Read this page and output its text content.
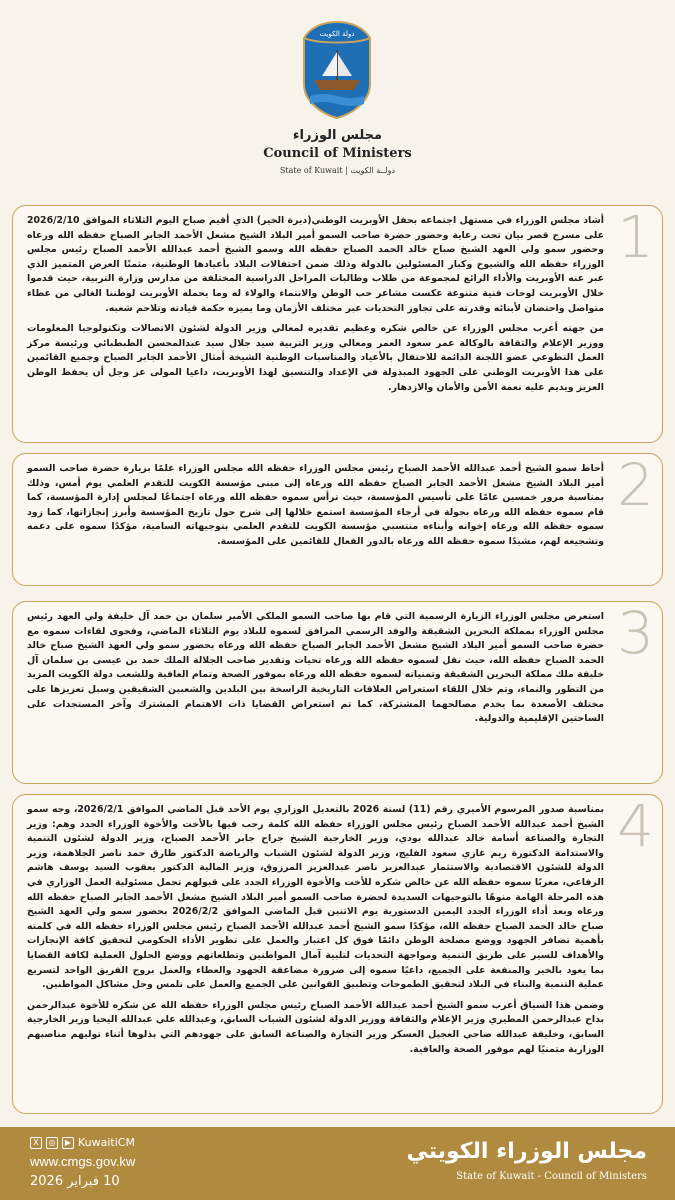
دولة الكويت
مجلس الوزراء
Council of Ministers
State of Kuwait | دولــة الكويت
1

أشاد مجلس الوزراء في مستهل اجتماعه بحفل الأوبريت الوطني(ديرة الخير) الذي أقيم صباح اليوم الثلاثاء الموافق 2026/2/10 على مسرح قصر بيان تحت رعاية وحضور حضرة صاحب السمو أمير البلاد الشيخ مشعل الأحمد الجابر الصباح حفظه الله ورعاه وحضور سمو ولي العهد الشيخ صباح خالد الحمد الصباح حفظه الله وسمو الشيخ أحمد عبدالله الأحمد الصباح رئيس مجلس الوزراء حفظه الله والشيوخ وكبار المسئولين بالدولة وذلك ضمن احتفالات البلاد بأعيادها الوطنية، مثمنًا العرض المتميز الذي عبر عنه الأوبريت والأداء الرائع لمجموعة من طلاب وطالبات المراحل الدراسية المختلفة من مدارس وزارة التربية، حيث قدموا خلال الأوبريت لوحات فنية متنوعة عكست مشاعر حب الوطن والانتماء والولاء له وما يحمله الأوبريت لوطننا الغالي من عطاء متواصل واحتضان لأبنائه وقدرته على تجاوز التحديات عبر مختلف الأزمان وما يميزه حكمة قيادته وتلاحم شعبه.

من جهته أعرب مجلس الوزراء عن خالص شكره وعظيم تقديره لمعالي وزير الدولة لشئون الاتصالات وتكنولوجيا المعلومات ووزير الإعلام والثقافة بالوكالة عمر سعود العمر ومعالي وزير التربية سيد جلال سيد عبدالمحسن الطبطبائي ورئيسة مركز العمل التطوعي عضو اللجنة الدائمة للاحتفال بالأعياد والمناسبات الوطنية الشيخة أمثال الأحمد الجابر الصباح وجميع القائمين على هذا الأوبريت الوطني على الجهود المبذولة في الإعداد والتنسيق لهذا الأوبريت، داعيا المولى عز وجل أن يحفظ الوطن العزيز ويديم عليه نعمة الأمن والأمان والازدهار.

2

أحاط سمو الشيخ أحمد عبدالله الأحمد الصباح رئيس مجلس الوزراء حفظه الله مجلس الوزراء علمًا بزيارة حضرة صاحب السمو أمير البلاد الشيخ مشعل الأحمد الجابر الصباح حفظه الله ورعاه إلى مبنى مؤسسة الكويت للتقدم العلمي يوم أمس، وذلك بمناسبة مرور خمسين عامًا على تأسيس المؤسسة، حيث ترأس سموه حفظه الله ورعاه اجتماعًا لمجلس إدارة المؤسسة، كما قام سموه حفظه الله ورعاه بجولة في أرجاء المؤسسة استمع خلالها إلى شرح حول تاريخ المؤسسة وأبرز إنجازاتها، كما زود سموه حفظه الله ورعاه إخوانه وأبناءه منتسبي مؤسسة الكويت للتقدم العلمي بتوجيهاته السامية، مؤكدًا سموه على دعمه وتشجيعه لهم، مشيدًا سموه حفظه الله ورعاه بالدور الفعال للقائمين على المؤسسة.

3

استعرض مجلس الوزراء الزيارة الرسمية التي قام بها صاحب السمو الملكي الأمير سلمان بن حمد آل خليفة ولي العهد رئيس مجلس الوزراء بمملكة البحرين الشقيقة والوفد الرسمي المرافق لسموه للبلاد يوم الثلاثاء الماضي، وفحوى لقاءات سموه مع حضرة صاحب السمو أمير البلاد الشيخ مشعل الأحمد الجابر الصباح حفظه الله ورعاه بحضور سمو ولي العهد الشيخ صباح خالد الحمد الصباح حفظه الله، حيث نقل لسموه حفظه الله ورعاه تحيات وتقدير صاحب الجلالة الملك حمد بن عيسى بن سلمان آل خليفة ملك مملكة البحرين الشقيقة وتمنياته لسموه حفظه الله ورعاه بموفور الصحة وتمام العافية وللشعب دولة الكويت المزيد من التطور والنماء، وتم خلال اللقاء استعراض العلاقات التاريخية الراسخة بين البلدين والشعبين الشقيقين وسبل تعزيزها على مختلف الأصعدة بما يخدم مصالحهما المشتركة، كما تم استعراض القضايا ذات الاهتمام المشترك وآخر المستجدات على الساحتين الإقليمية والدولية.

4

بمناسبة صدور المرسوم الأميري رقم (11) لسنة 2026 بالتعديل الوزاري يوم الأحد قبل الماضي الموافق 2026/2/1، وجه سمو الشيخ أحمد عبدالله الأحمد الصباح رئيس مجلس الوزراء حفظه الله كلمة رحب فيها بالأخت والأخوة الوزراء الجدد وهم: وزير التجارة والصناعة أسامة خالد عبدالله بودي، وزير الخارجية الشيخ جراح جابر الأحمد الصباح، وزير الدولة لشئون التنمية والاستدامة الدكتورة ريم غازي سعود الفليج، وزير الدولة لشئون الشباب والرياضة الدكتور طارق حمد ناصر الجلاهمة، وزير الدولة للشئون الاقتصادية والاستثمار عبدالعزيز ناصر عبدالعزيز المرزوق، وزير المالية الدكتور يعقوب السيد يوسف هاشم الرفاعي، معربًا سموه حفظه الله عن خالص شكره للأخت والأخوة الوزراء الجدد على قبولهم تحمل مسئولية العمل الوزاري في هذه المرحلة الهامة منوهًا بالتوجيهات السديدة لحضرة صاحب السمو أمير البلاد الشيخ مشعل الأحمد الجابر الصباح حفظه الله ورعاه وبعد أداء الوزراء الجدد اليمين الدستورية يوم الاثنين قبل الماضي الموافق 2026/2/2 بحضور سمو ولي العهد الشيخ صباح خالد الحمد الصباح حفظه الله، مؤكدًا سمو الشيخ أحمد عبدالله الأحمد الصباح رئيس مجلس الوزراء حفظه الله في كلمته بأهمية تضافر الجهود ووضع مصلحة الوطن دائمًا فوق كل اعتبار والعمل على تطوير الأداء الحكومي لتحقيق كافة الإنجازات والأهداف للسير على طريق التنمية ومواجهة التحديات لتلبية آمال المواطنين وتطلعاتهم ووضع الحلول العملية لكافة القضايا بما يعود بالخير والمنفعة على الجميع، داعيًا سموه إلى ضرورة مضاعفة الجهود والعطاء والعمل بروح الفريق الواحد لتسريع عملية التنمية والبناء في البلاد لتحقيق الطموحات وتطبيق القوانين على الجميع والعمل على تلمس وحل مشاكل المواطنين.

وضمن هذا السياق أعرب سمو الشيخ أحمد عبدالله الأحمد الصباح رئيس مجلس الوزراء حفظه الله عن شكره للأخوة عبدالرحمن بداح عبدالرحمن المطيري وزير الإعلام والثقافة ووزير الدولة لشئون الشباب السابق، وعبدالله علي عبدالله اليحيا وزير الخارجية السابق، وخليفة عبدالله ضاحي العجيل العسكر وزير التجارة والصناعة السابق على جهودهم التي بذلوها أثناء توليهم مناصبهم الوزارية متمنيًا لهم موفور الصحة والعافية.

X	◎	▶ KuwaitiCM
www.cmgs.gov.kw
10 فبراير 2026
مجلس الوزراء الكويتي
State of Kuwait - Council of Ministers
